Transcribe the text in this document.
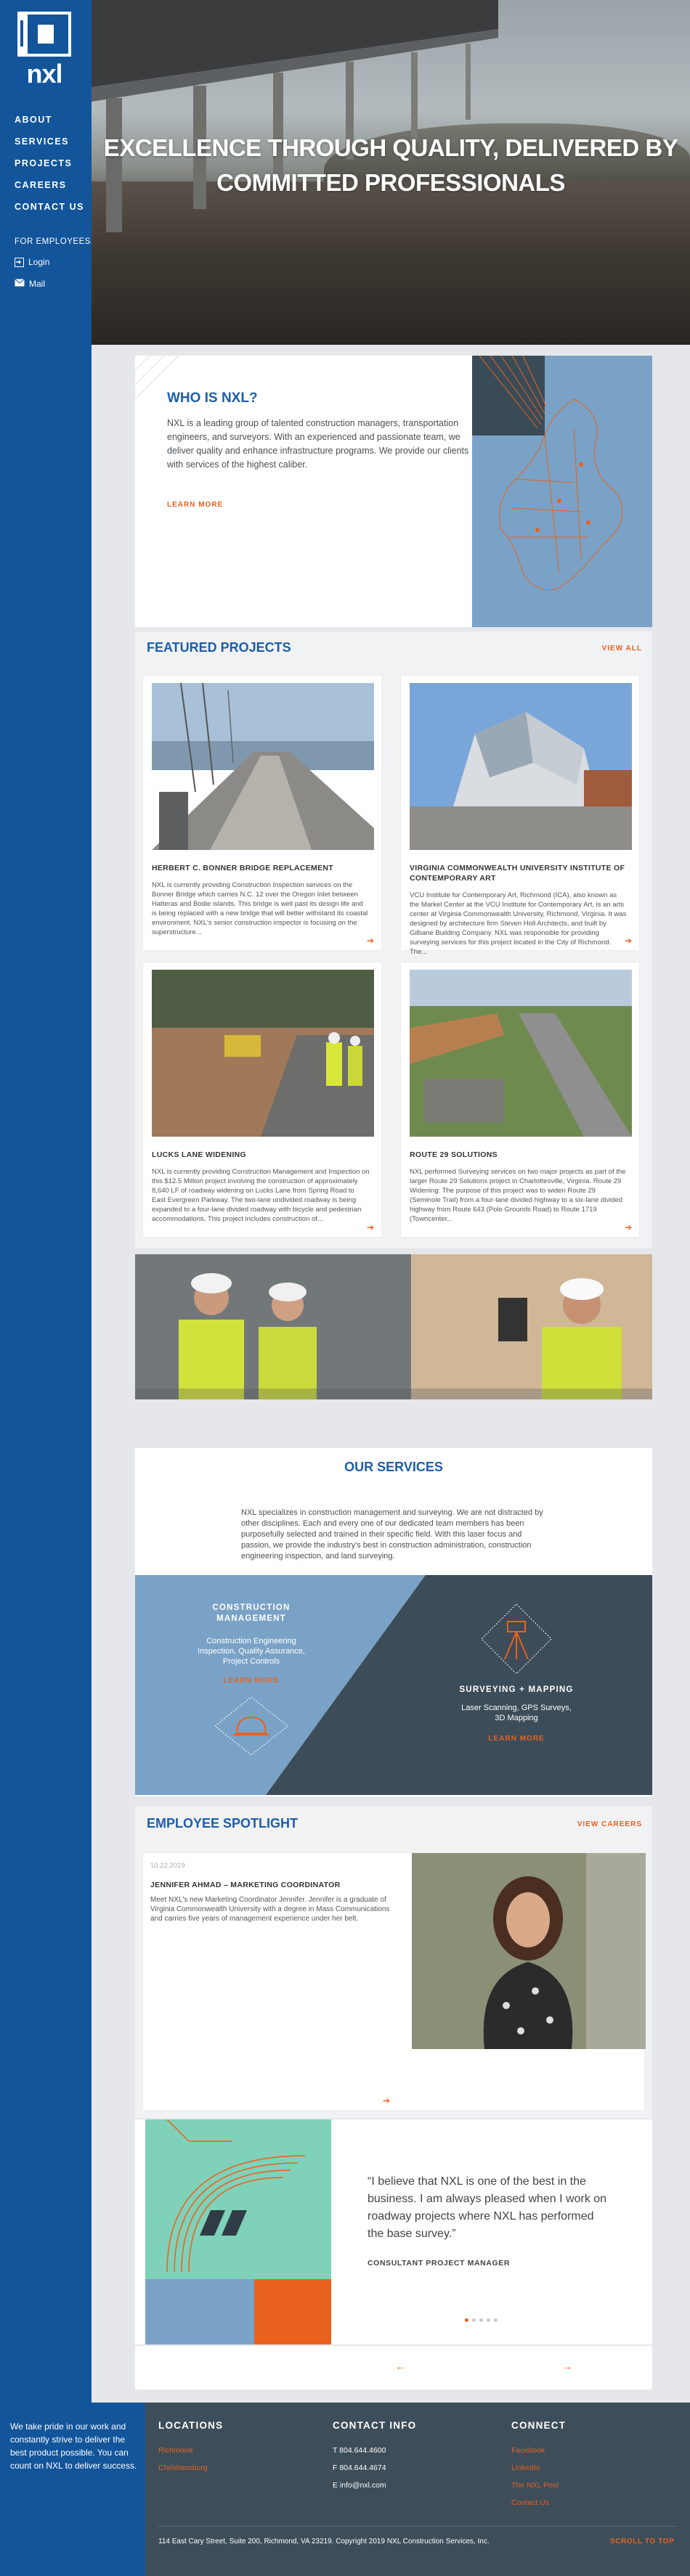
nxl
ABOUT
SERVICES
PROJECTS
CAREERS
CONTACT US
FOR EMPLOYEES
Login
Mail
EXCELLENCE THROUGH QUALITY, DELIVERED BY
COMMITTED PROFESSIONALS
WHO IS NXL?

NXL is a leading group of talented construction managers, transportation engineers, and surveyors. With an experienced and passionate team, we deliver quality and enhance infrastructure programs. We provide our clients with services of the highest caliber.

LEARN MORE
FEATURED PROJECTS	VIEW ALL
HERBERT C. BONNER BRIDGE REPLACEMENT

NXL is currently providing Construction Inspection services on the Bonner Bridge which carries N.C. 12 over the Oregon Inlet between Hatteras and Bodie islands. This bridge is well past its design life and is being replaced with a new bridge that will better withstand its coastal environment. NXL's senior construction inspector is focusing on the superstructure...

➔
VIRGINIA COMMONWEALTH UNIVERSITY INSTITUTE OF CONTEMPORARY ART

VCU Institute for Contemporary Art, Richmond (ICA), also known as the Markel Center at the VCU Institute for Contemporary Art, is an arts center at Virginia Commonwealth University, Richmond, Virginia. It was designed by architecture firm Steven Holl Architects, and built by Gilbane Building Company. NXL was responsible for providing surveying services for this project located in the City of Richmond. The...

➔
LUCKS LANE WIDENING

NXL is currently providing Construction Management and Inspection on this $12.5 Million project involving the construction of approximately 8,640 LF of roadway widening on Lucks Lane from Spring Road to East Evergreen Parkway. The two-lane undivided roadway is being expanded to a four-lane divided roadway with bicycle and pedestrian accommodations. This project includes construction of...

➔
ROUTE 29 SOLUTIONS

NXL performed Surveying services on two major projects as part of the larger Route 29 Solutions project in Charlottesville, Virginia. Route 29 Widening: The purpose of this project was to widen Route 29 (Seminole Trail) from a four-lane divided highway to a six-lane divided highway from Route 643 (Polo Grounds Road) to Route 1719 (Towncenter...

➔
OUR SERVICES

NXL specializes in construction management and surveying. We are not distracted by other disciplines. Each and every one of our dedicated team members has been purposefully selected and trained in their specific field. With this laser focus and passion, we provide the industry's best in construction administration, construction engineering inspection, and land surveying.

CONSTRUCTION MANAGEMENT
Construction Engineering Inspection, Quality Assurance, Project Controls
LEARN MORE
SURVEYING + MAPPING
Laser Scanning, GPS Surveys, 3D Mapping
LEARN MORE
EMPLOYEE SPOTLIGHT	VIEW CAREERS
10.22.2019
JENNIFER AHMAD – MARKETING COORDINATOR

Meet NXL's new Marketing Coordinator Jennifer. Jennifer is a graduate of Virginia Commonwealth University with a degree in Mass Communications and carries five years of management experience under her belt.

➔

“I believe that NXL is one of the best in the business. I am always pleased when I work on roadway projects where NXL has performed the base survey.”

CONSULTANT PROJECT MANAGER
←	→

We take pride in our work and constantly strive to deliver the best product possible. You can count on NXL to deliver success.

LOCATIONS
Richmond
Christiansburg
CONTACT INFO
T 804.644.4600
F 804.644.4674
E info@nxl.com
CONNECT
Facebook
LinkedIn
The NXL Post
Contact Us
114 East Cary Street, Suite 200, Richmond, VA 23219. Copyright 2019 NXL Construction Services, Inc.	SCROLL TO TOP
